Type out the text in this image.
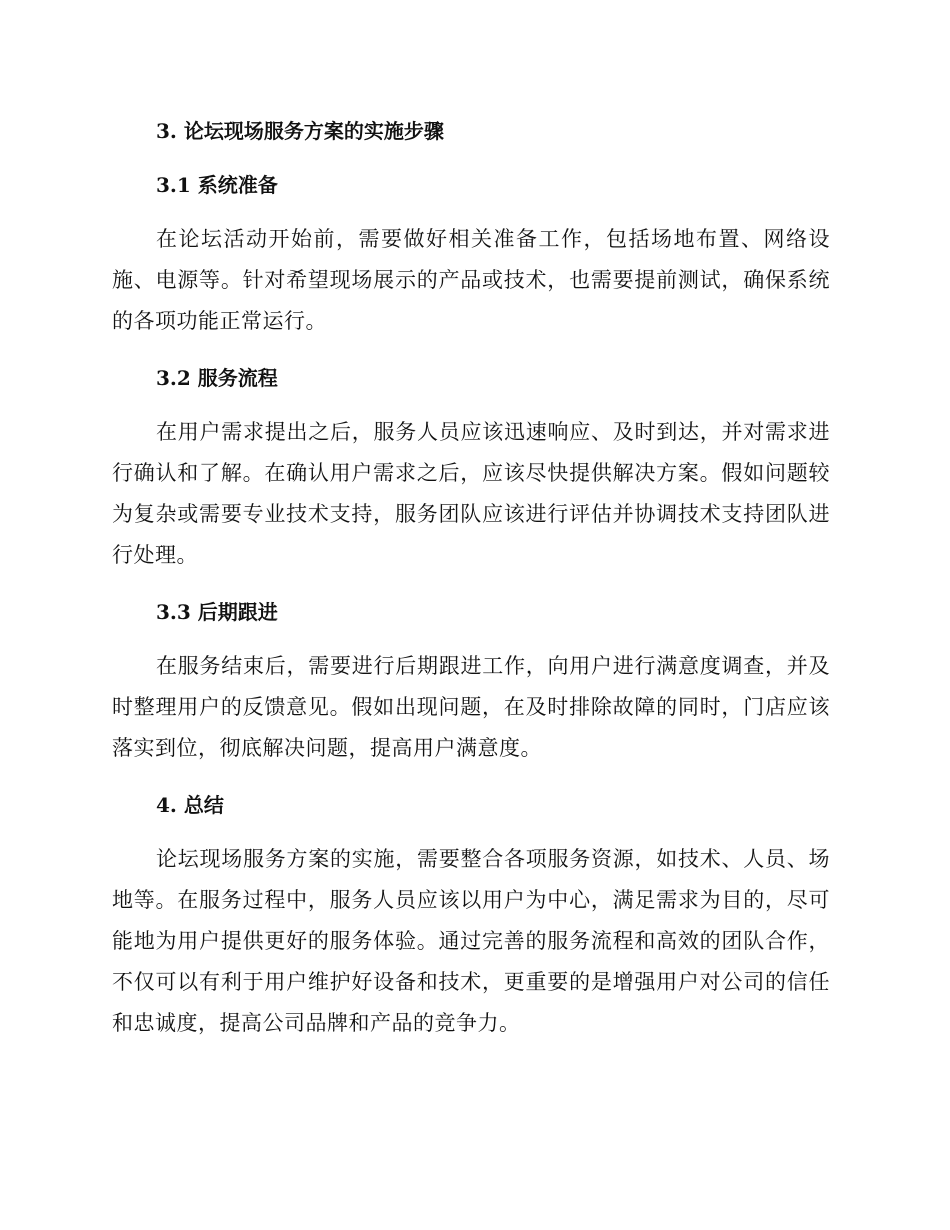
3. 论坛现场服务方案的实施步骤
3.1 系统准备

在论坛活动开始前，需要做好相关准备工作，包括场地布置、网络设施、电源等。针对希望现场展示的产品或技术，也需要提前测试，确保系统的各项功能正常运行。

3.2 服务流程

在用户需求提出之后，服务人员应该迅速响应、及时到达，并对需求进行确认和了解。在确认用户需求之后，应该尽快提供解决方案。假如问题较为复杂或需要专业技术支持，服务团队应该进行评估并协调技术支持团队进行处理。

3.3 后期跟进

在服务结束后，需要进行后期跟进工作，向用户进行满意度调查，并及时整理用户的反馈意见。假如出现问题，在及时排除故障的同时，门店应该落实到位，彻底解决问题，提高用户满意度。

4. 总结

论坛现场服务方案的实施，需要整合各项服务资源，如技术、人员、场地等。在服务过程中，服务人员应该以用户为中心，满足需求为目的，尽可能地为用户提供更好的服务体验。通过完善的服务流程和高效的团队合作，不仅可以有利于用户维护好设备和技术，更重要的是增强用户对公司的信任和忠诚度，提高公司品牌和产品的竞争力。
